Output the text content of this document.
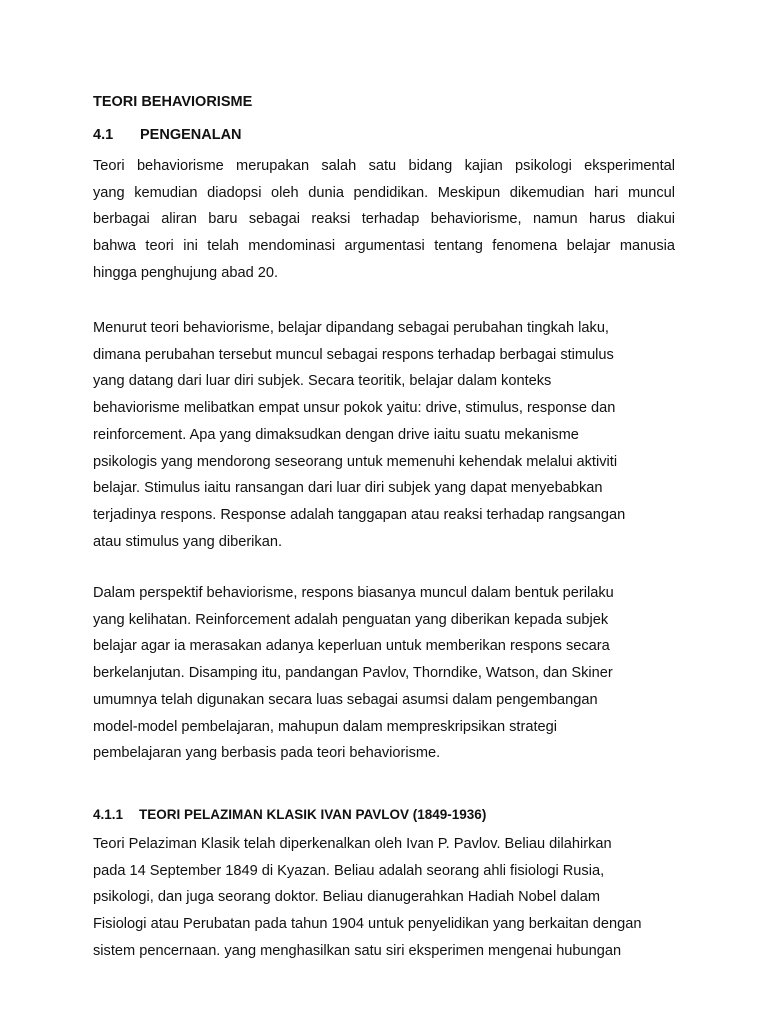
TEORI BEHAVIORISME
4.1 PENGENALAN
Teori behaviorisme merupakan salah satu bidang kajian psikologi eksperimental
yang kemudian diadopsi oleh dunia pendidikan. Meskipun dikemudian hari muncul
berbagai aliran baru sebagai reaksi terhadap behaviorisme, namun harus diakui
bahwa teori ini telah mendominasi argumentasi tentang fenomena belajar manusia
hingga penghujung abad 20.
Menurut teori behaviorisme, belajar dipandang sebagai perubahan tingkah laku,
dimana perubahan tersebut muncul sebagai respons terhadap berbagai stimulus
yang datang dari luar diri subjek. Secara teoritik, belajar dalam konteks
behaviorisme melibatkan empat unsur pokok yaitu: drive, stimulus, response dan
reinforcement. Apa yang dimaksudkan dengan drive iaitu suatu mekanisme
psikologis yang mendorong seseorang untuk memenuhi kehendak melalui aktiviti
belajar. Stimulus iaitu ransangan dari luar diri subjek yang dapat menyebabkan
terjadinya respons. Response adalah tanggapan atau reaksi terhadap rangsangan
atau stimulus yang diberikan.
Dalam perspektif behaviorisme, respons biasanya muncul dalam bentuk perilaku
yang kelihatan. Reinforcement adalah penguatan yang diberikan kepada subjek
belajar agar ia merasakan adanya keperluan untuk memberikan respons secara
berkelanjutan. Disamping itu, pandangan Pavlov, Thorndike, Watson, dan Skiner
umumnya telah digunakan secara luas sebagai asumsi dalam pengembangan
model-model pembelajaran, mahupun dalam mempreskripsikan strategi
pembelajaran yang berbasis pada teori behaviorisme.
4.1.1 TEORI PELAZIMAN KLASIK IVAN PAVLOV (1849-1936)
Teori Pelaziman Klasik telah diperkenalkan oleh Ivan P. Pavlov. Beliau dilahirkan
pada 14 September 1849 di Kyazan. Beliau adalah seorang ahli fisiologi Rusia,
psikologi, dan juga seorang doktor. Beliau dianugerahkan Hadiah Nobel dalam
Fisiologi atau Perubatan pada tahun 1904 untuk penyelidikan yang berkaitan dengan
sistem pencernaan. yang menghasilkan satu siri eksperimen mengenai hubungan
